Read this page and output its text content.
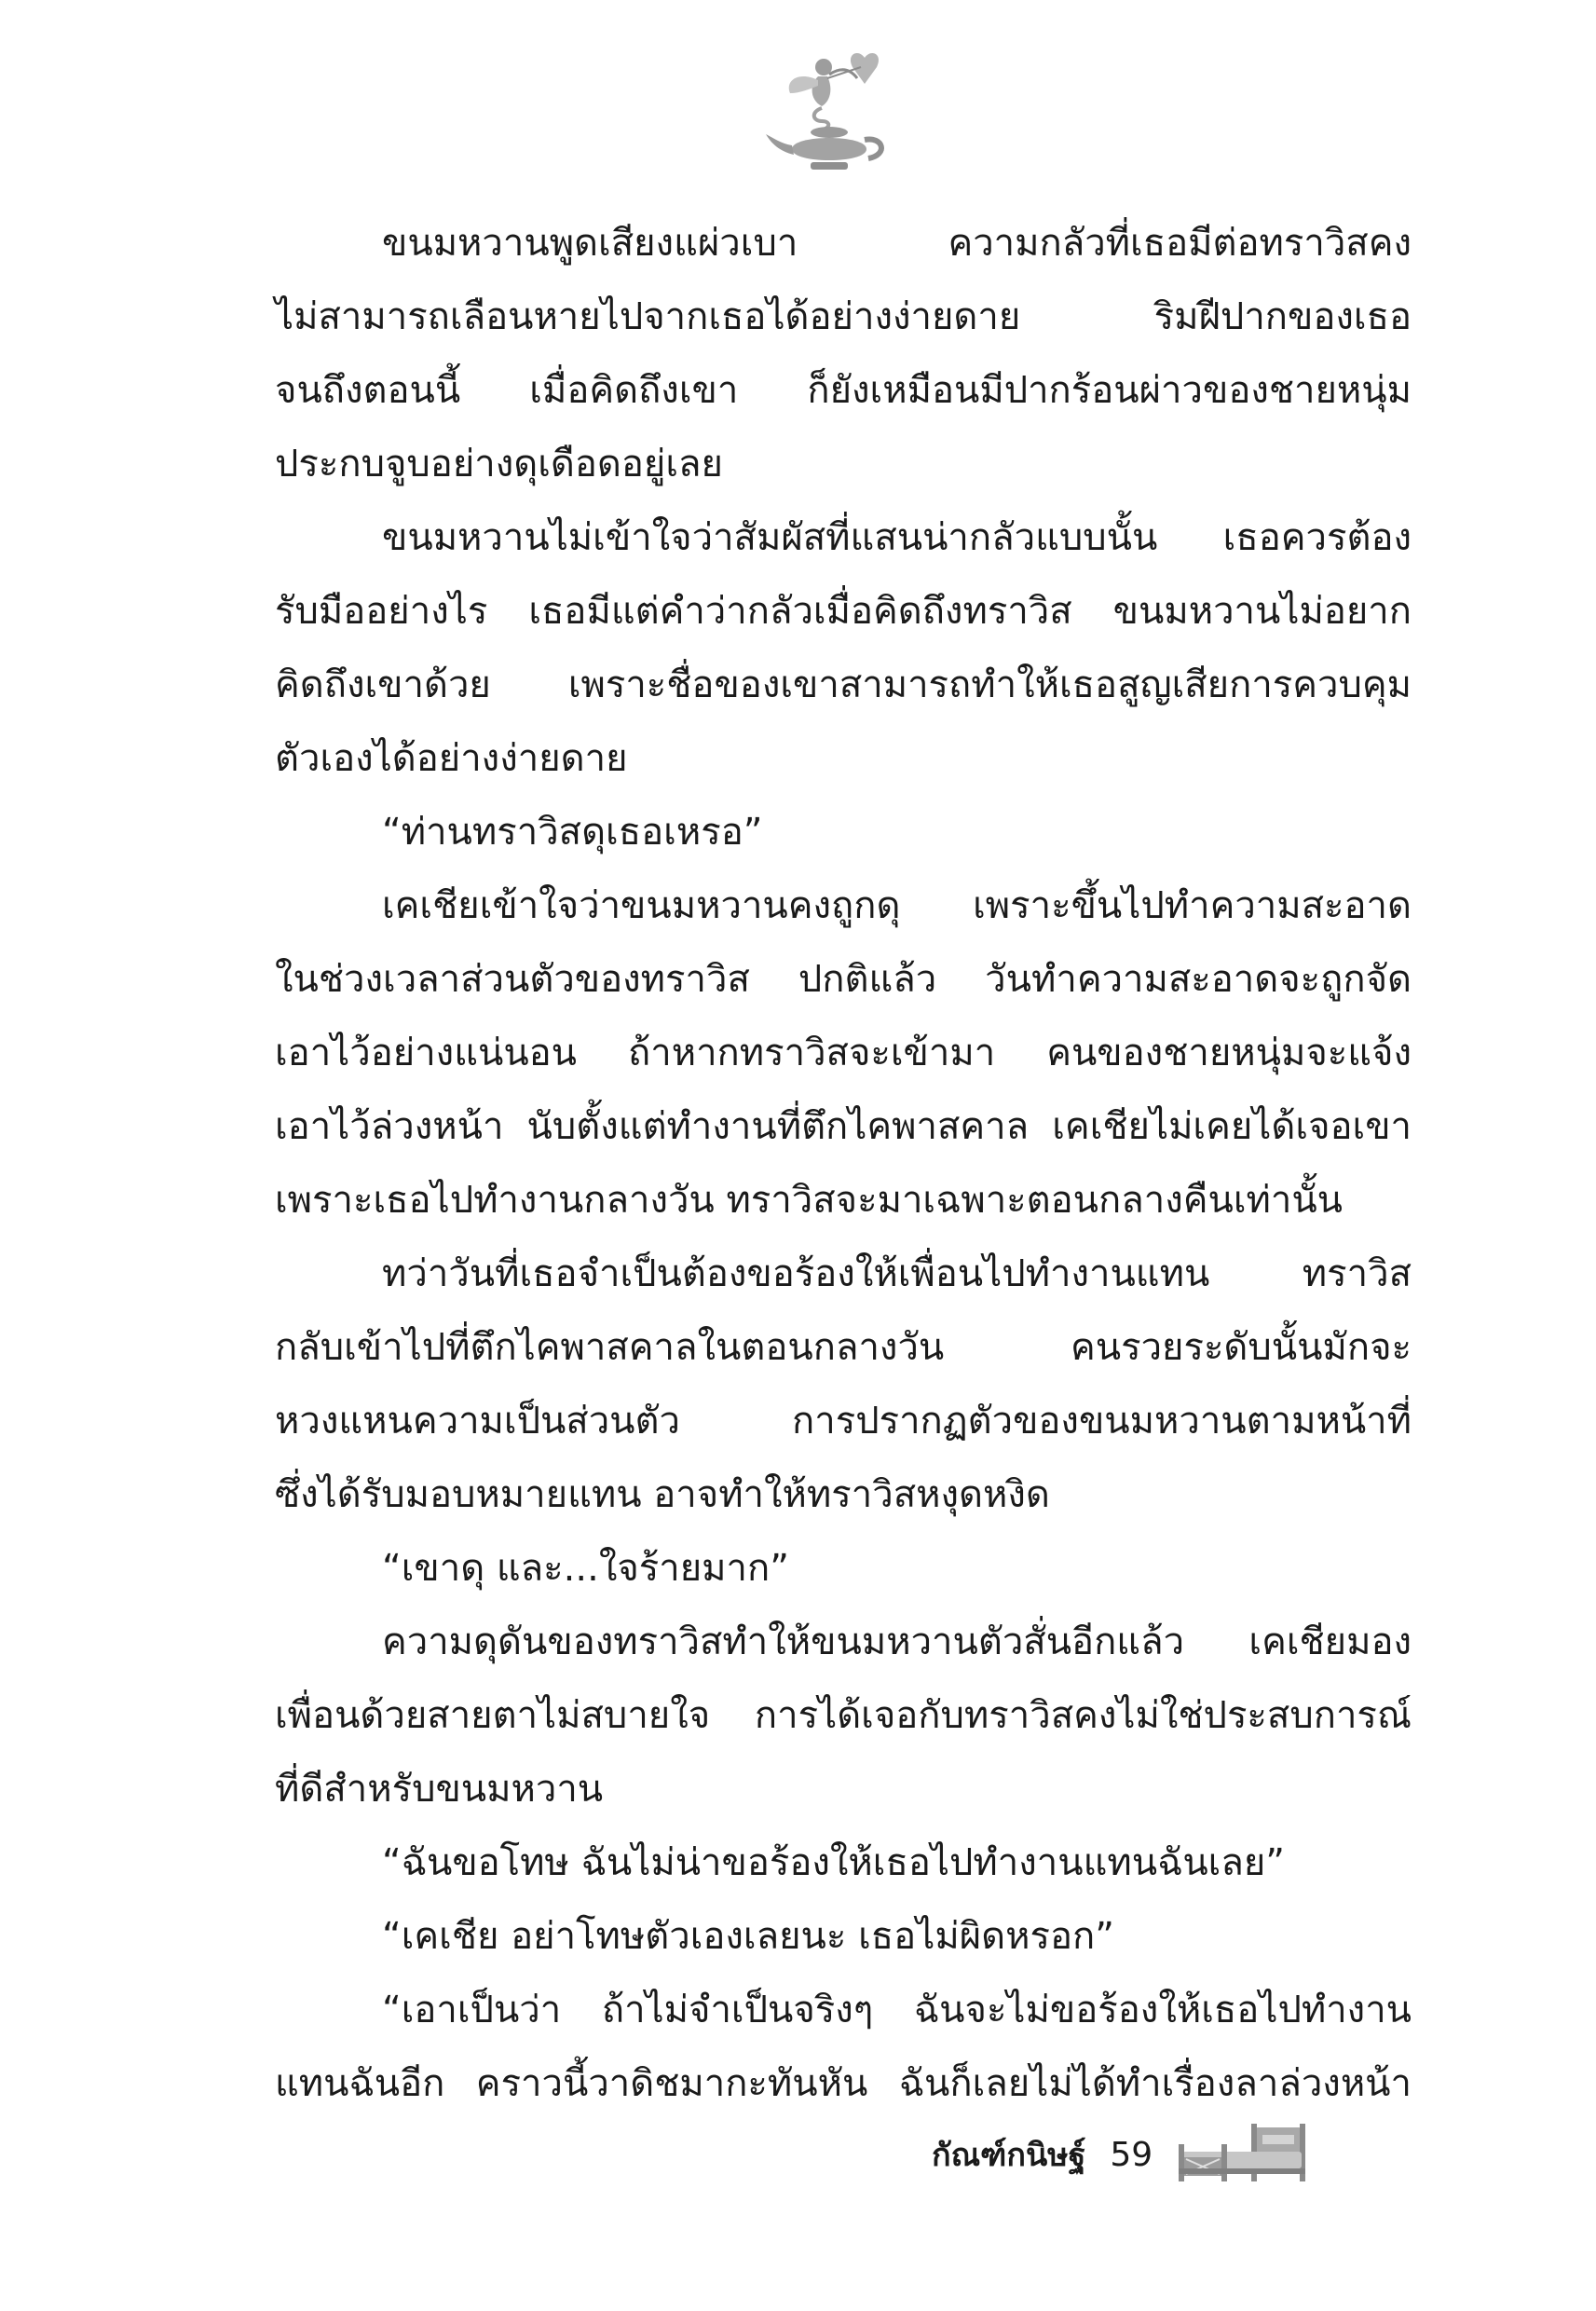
ขนมหวานพูดเสียงแผ่วเบา ความกลัวที่เธอมีต่อทราวิสคง
ไม่สามารถเลือนหายไปจากเธอได้อย่างง่ายดาย ริมฝีปากของเธอ
จนถึงตอนนี้ เมื่อคิดถึงเขา ก็ยังเหมือนมีปากร้อนผ่าวของชายหนุ่ม
ประกบจูบอย่างดุเดือดอยู่เลย
ขนมหวานไม่เข้าใจว่าสัมผัสที่แสนน่ากลัวแบบนั้น เธอควรต้อง
รับมืออย่างไร เธอมีแต่คำว่ากลัวเมื่อคิดถึงทราวิส ขนมหวานไม่อยาก
คิดถึงเขาด้วย เพราะชื่อของเขาสามารถทำให้เธอสูญเสียการควบคุม
ตัวเองได้อย่างง่ายดาย
“ท่านทราวิสดุเธอเหรอ”
เคเชียเข้าใจว่าขนมหวานคงถูกดุ เพราะขึ้นไปทำความสะอาด
ในช่วงเวลาส่วนตัวของทราวิส ปกติแล้ว วันทำความสะอาดจะถูกจัด
เอาไว้อย่างแน่นอน ถ้าหากทราวิสจะเข้ามา คนของชายหนุ่มจะแจ้ง
เอาไว้ล่วงหน้า นับตั้งแต่ทำงานที่ตึกไคพาสคาล เคเชียไม่เคยได้เจอเขา
เพราะเธอไปทำงานกลางวัน ทราวิสจะมาเฉพาะตอนกลางคืนเท่านั้น
ทว่าวันที่เธอจำเป็นต้องขอร้องให้เพื่อนไปทำงานแทน ทราวิส
กลับเข้าไปที่ตึกไคพาสคาลในตอนกลางวัน คนรวยระดับนั้นมักจะ
หวงแหนความเป็นส่วนตัว การปรากฏตัวของขนมหวานตามหน้าที่
ซึ่งได้รับมอบหมายแทน อาจทำให้ทราวิสหงุดหงิด
“เขาดุ และ...ใจร้ายมาก”
ความดุดันของทราวิสทำให้ขนมหวานตัวสั่นอีกแล้ว เคเชียมอง
เพื่อนด้วยสายตาไม่สบายใจ การได้เจอกับทราวิสคงไม่ใช่ประสบการณ์
ที่ดีสำหรับขนมหวาน
“ฉันขอโทษ ฉันไม่น่าขอร้องให้เธอไปทำงานแทนฉันเลย”
“เคเชีย อย่าโทษตัวเองเลยนะ เธอไม่ผิดหรอก”
“เอาเป็นว่า ถ้าไม่จำเป็นจริงๆ ฉันจะไม่ขอร้องให้เธอไปทำงาน
แทนฉันอีก คราวนี้วาดิชมากะทันหัน ฉันก็เลยไม่ได้ทำเรื่องลาล่วงหน้า
กัณฑ์กนิษฐ์ 59
